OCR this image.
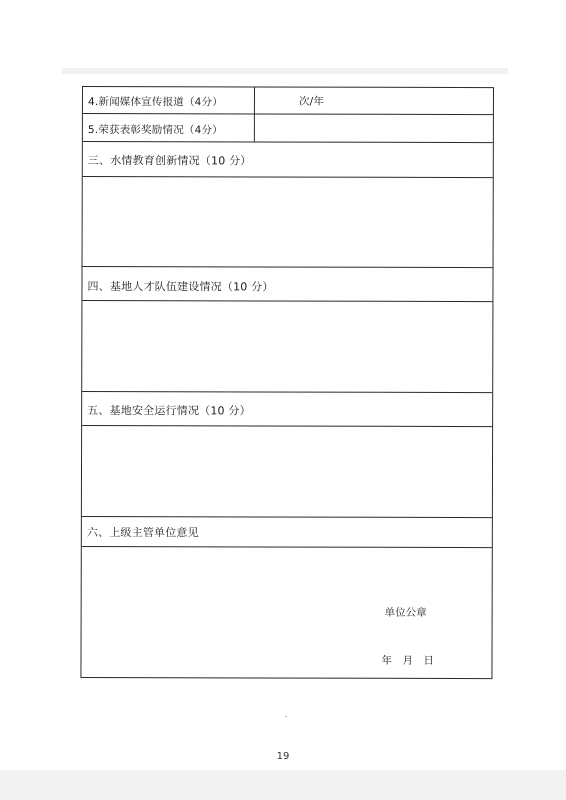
4.新闻媒体宣传报道（4分）	次/年
5.荣获表彰奖励情况（4分）
三、水情教育创新情况（10 分）
四、基地人才队伍建设情况（10 分）
五、基地安全运行情况（10 分）
六、上级主管单位意见
单位公章
年　月　日
19
